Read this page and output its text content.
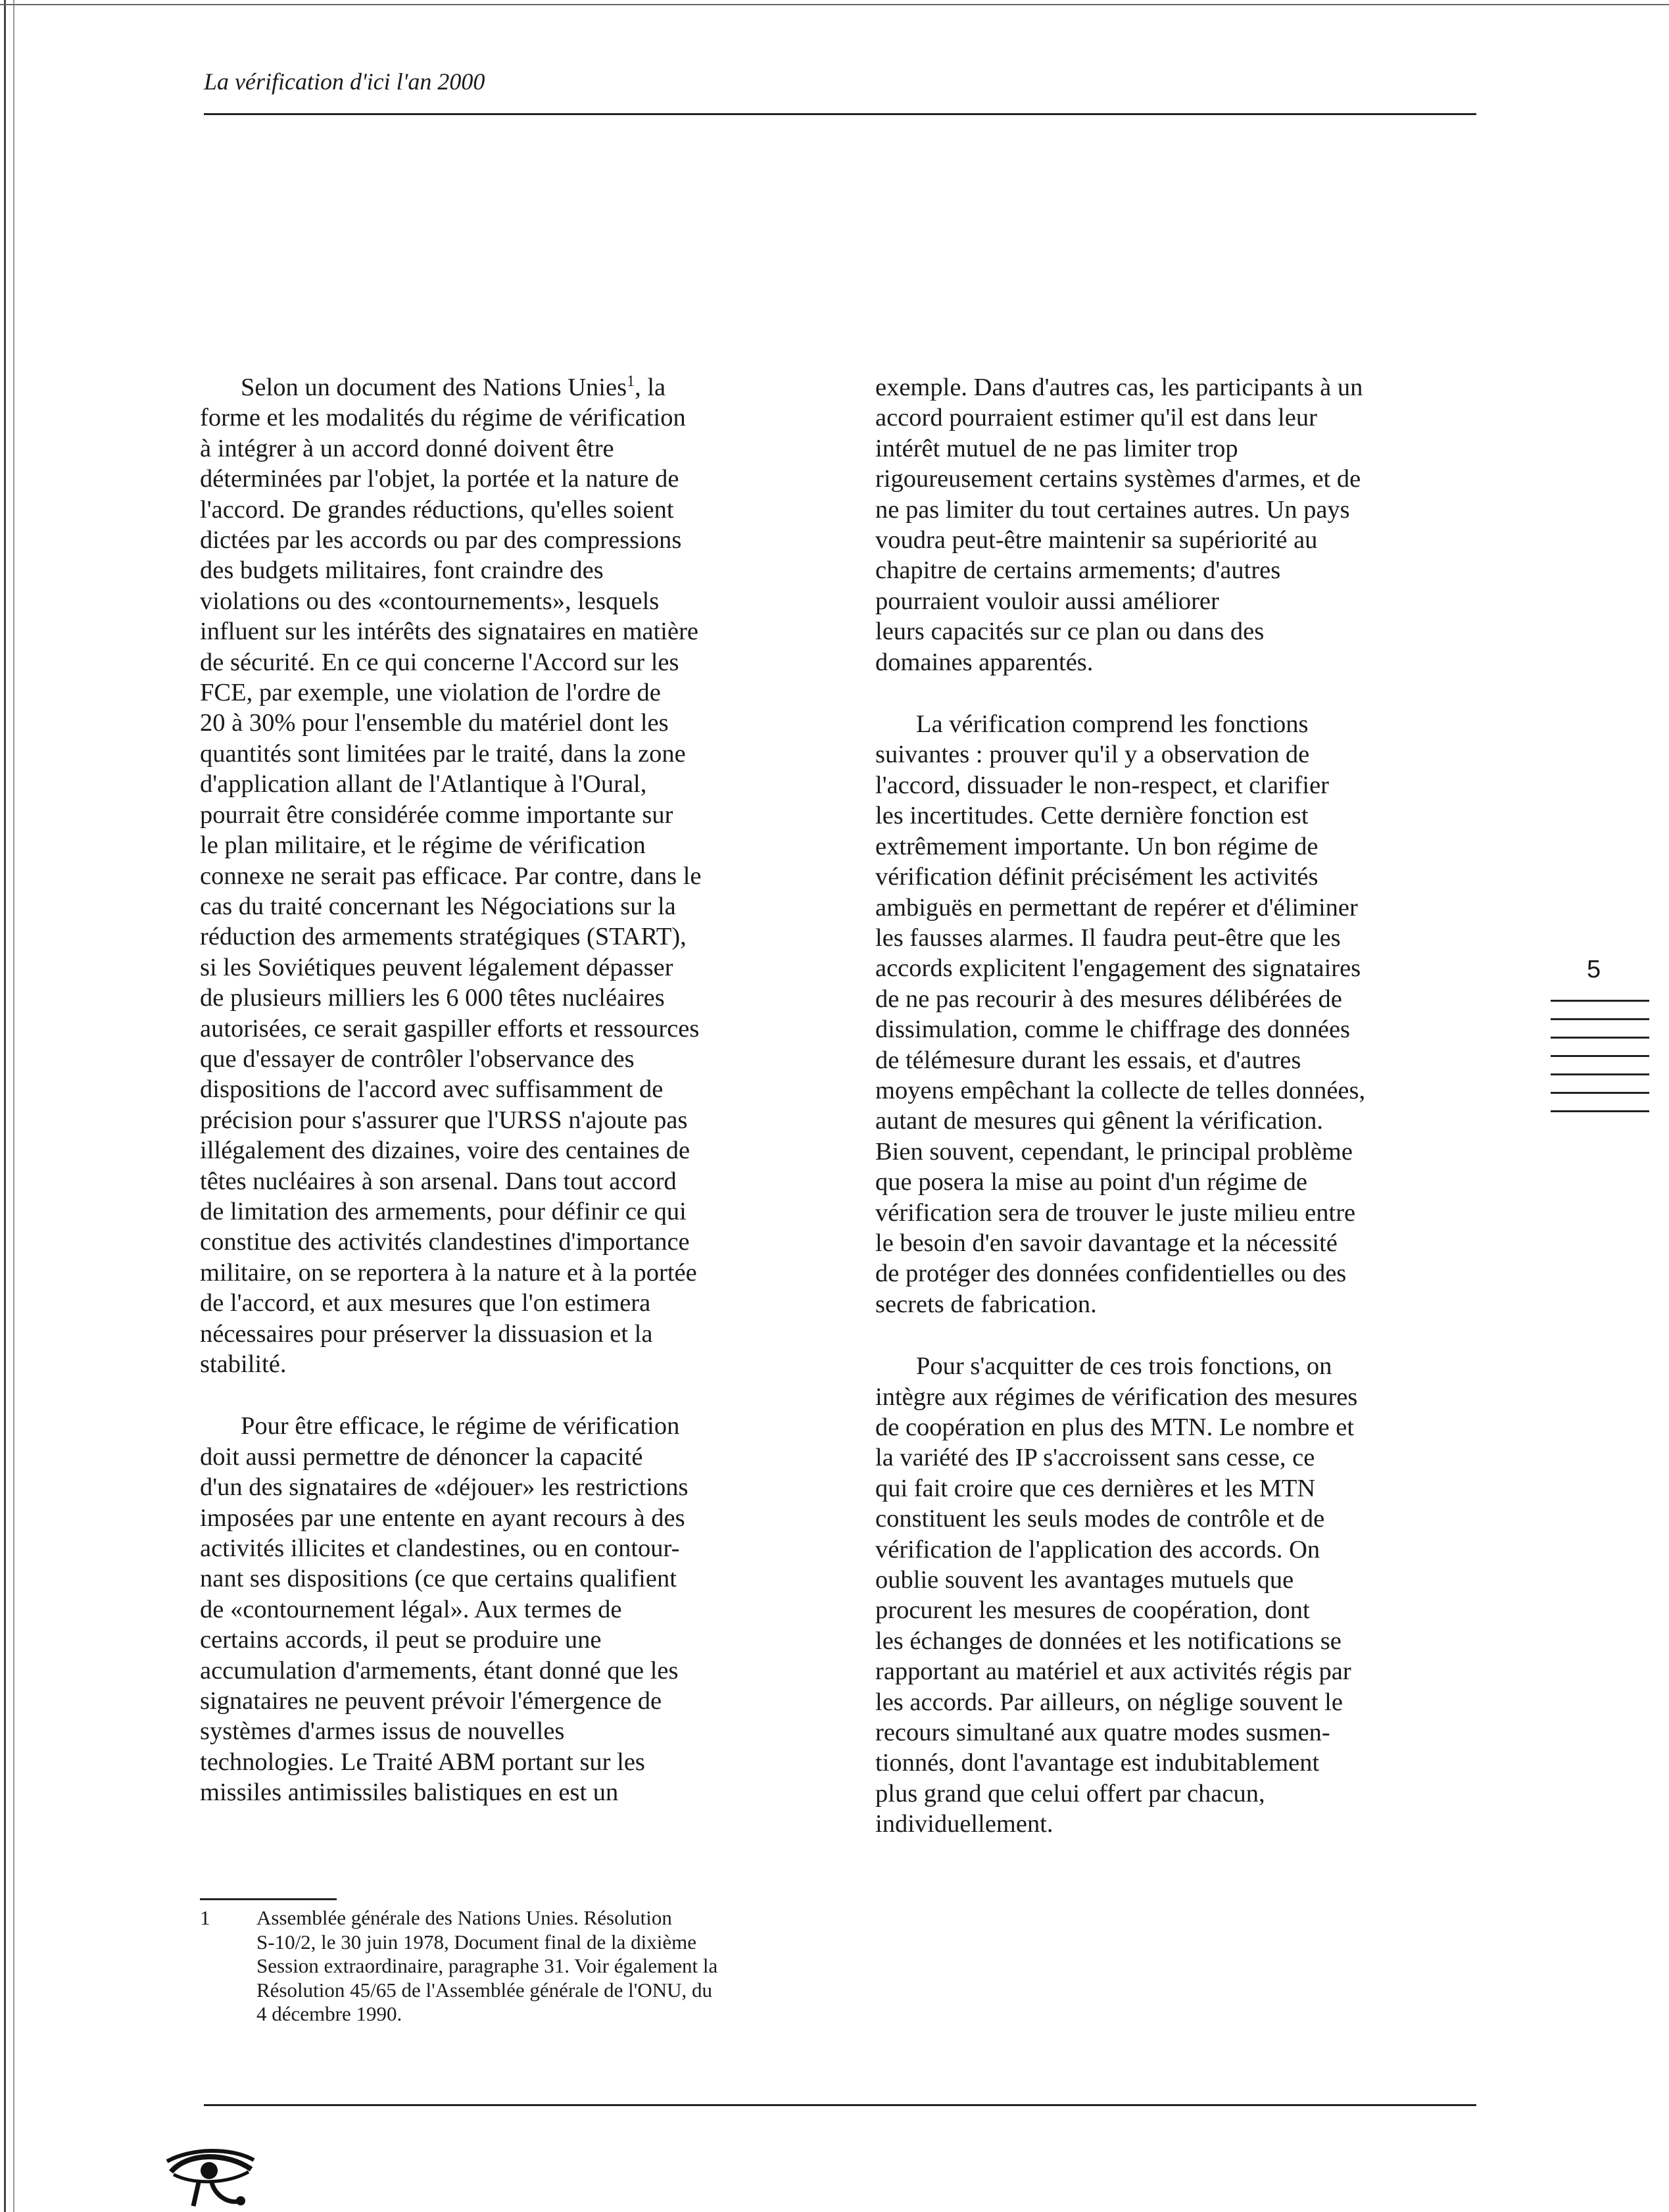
La vérification d'ici l'an 2000

Selon un document des Nations Unies$^1$, la
forme et les modalités du régime de vérification
à intégrer à un accord donné doivent être
déterminées par l'objet, la portée et la nature de
l'accord. De grandes réductions, qu'elles soient
dictées par les accords ou par des compressions
des budgets militaires, font craindre des
violations ou des «contournements», lesquels
influent sur les intérêts des signataires en matière
de sécurité. En ce qui concerne l'Accord sur les
FCE, par exemple, une violation de l'ordre de
20 à 30% pour l'ensemble du matériel dont les
quantités sont limitées par le traité, dans la zone
d'application allant de l'Atlantique à l'Oural,
pourrait être considérée comme importante sur
le plan militaire, et le régime de vérification
connexe ne serait pas efficace. Par contre, dans le
cas du traité concernant les Négociations sur la
réduction des armements stratégiques (START),
si les Soviétiques peuvent légalement dépasser
de plusieurs milliers les 6 000 têtes nucléaires
autorisées, ce serait gaspiller efforts et ressources
que d'essayer de contrôler l'observance des
dispositions de l'accord avec suffisamment de
précision pour s'assurer que l'URSS n'ajoute pas
illégalement des dizaines, voire des centaines de
têtes nucléaires à son arsenal. Dans tout accord
de limitation des armements, pour définir ce qui
constitue des activités clandestines d'importance
militaire, on se reportera à la nature et à la portée
de l'accord, et aux mesures que l'on estimera
nécessaires pour préserver la dissuasion et la
stabilité.

Pour être efficace, le régime de vérification
doit aussi permettre de dénoncer la capacité
d'un des signataires de «déjouer» les restrictions
imposées par une entente en ayant recours à des
activités illicites et clandestines, ou en contour-
nant ses dispositions (ce que certains qualifient
de «contournement légal». Aux termes de
certains accords, il peut se produire une
accumulation d'armements, étant donné que les
signataires ne peuvent prévoir l'émergence de
systèmes d'armes issus de nouvelles
technologies. Le Traité ABM portant sur les
missiles antimissiles balistiques en est un

exemple. Dans d'autres cas, les participants à un
accord pourraient estimer qu'il est dans leur
intérêt mutuel de ne pas limiter trop
rigoureusement certains systèmes d'armes, et de
ne pas limiter du tout certaines autres. Un pays
voudra peut-être maintenir sa supériorité au
chapitre de certains armements; d'autres
pourraient vouloir aussi améliorer
leurs capacités sur ce plan ou dans des
domaines apparentés.

La vérification comprend les fonctions
suivantes : prouver qu'il y a observation de
l'accord, dissuader le non-respect, et clarifier
les incertitudes. Cette dernière fonction est
extrêmement importante. Un bon régime de
vérification définit précisément les activités
ambiguës en permettant de repérer et d'éliminer
les fausses alarmes. Il faudra peut-être que les
accords explicitent l'engagement des signataires
de ne pas recourir à des mesures délibérées de
dissimulation, comme le chiffrage des données
de télémesure durant les essais, et d'autres
moyens empêchant la collecte de telles données,
autant de mesures qui gênent la vérification.
Bien souvent, cependant, le principal problème
que posera la mise au point d'un régime de
vérification sera de trouver le juste milieu entre
le besoin d'en savoir davantage et la nécessité
de protéger des données confidentielles ou des
secrets de fabrication.

Pour s'acquitter de ces trois fonctions, on
intègre aux régimes de vérification des mesures
de coopération en plus des MTN. Le nombre et
la variété des IP s'accroissent sans cesse, ce
qui fait croire que ces dernières et les MTN
constituent les seuls modes de contrôle et de
vérification de l'application des accords. On
oublie souvent les avantages mutuels que
procurent les mesures de coopération, dont
les échanges de données et les notifications se
rapportant au matériel et aux activités régis par
les accords. Par ailleurs, on néglige souvent le
recours simultané aux quatre modes susmen-
tionnés, dont l'avantage est indubitablement
plus grand que celui offert par chacun,
individuellement.

5
1 Assemblée générale des Nations Unies. Résolution
S-10/2, le 30 juin 1978, Document final de la dixième
Session extraordinaire, paragraphe 31. Voir également la
Résolution 45/65 de l'Assemblée générale de l'ONU, du
4 décembre 1990.
